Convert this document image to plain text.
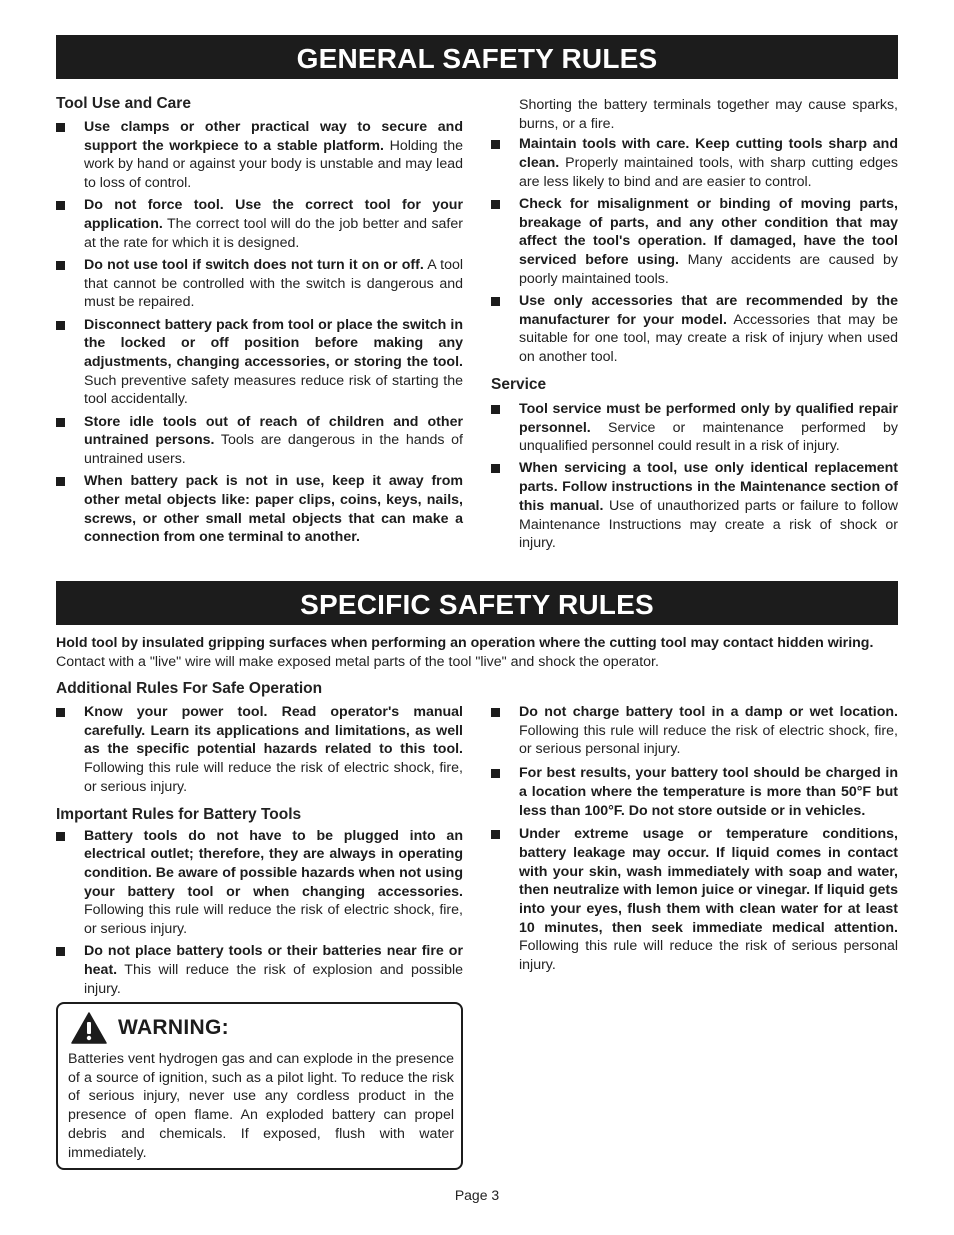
GENERAL SAFETY RULES
Tool Use and Care
Use clamps or other practical way to secure and support the workpiece to a stable platform. Holding the work by hand or against your body is unstable and may lead to loss of control.
Do not force tool. Use the correct tool for your application. The correct tool will do the job better and safer at the rate for which it is designed.
Do not use tool if switch does not turn it on or off. A tool that cannot be controlled with the switch is dangerous and must be repaired.
Disconnect battery pack from tool or place the switch in the locked or off position before making any adjustments, changing accessories, or storing the tool. Such preventive safety measures reduce risk of starting the tool accidentally.
Store idle tools out of reach of children and other untrained persons. Tools are dangerous in the hands of untrained users.
When battery pack is not in use, keep it away from other metal objects like: paper clips, coins, keys, nails, screws, or other small metal objects that can make a connection from one terminal to another.

Shorting the battery terminals together may cause sparks, burns, or a fire.

Maintain tools with care. Keep cutting tools sharp and clean. Properly maintained tools, with sharp cutting edges are less likely to bind and are easier to control.
Check for misalignment or binding of moving parts, breakage of parts, and any other condition that may affect the tool's operation. If damaged, have the tool serviced before using. Many accidents are caused by poorly maintained tools.
Use only accessories that are recommended by the manufacturer for your model. Accessories that may be suitable for one tool, may create a risk of injury when used on another tool.
Service
Tool service must be performed only by qualified repair personnel. Service or maintenance performed by unqualified personnel could result in a risk of injury.
When servicing a tool, use only identical replacement parts. Follow instructions in the Maintenance section of this manual. Use of unauthorized parts or failure to follow Maintenance Instructions may create a risk of shock or injury.
SPECIFIC SAFETY RULES

Hold tool by insulated gripping surfaces when performing an operation where the cutting tool may contact hidden wiring. Contact with a "live" wire will make exposed metal parts of the tool "live" and shock the operator.

Additional Rules For Safe Operation
Know your power tool. Read operator's manual carefully. Learn its applications and limitations, as well as the specific potential hazards related to this tool. Following this rule will reduce the risk of electric shock, fire, or serious injury.
Important Rules for Battery Tools
Battery tools do not have to be plugged into an electrical outlet; therefore, they are always in operating condition. Be aware of possible hazards when not using your battery tool or when changing accessories. Following this rule will reduce the risk of electric shock, fire, or serious injury.
Do not place battery tools or their batteries near fire or heat. This will reduce the risk of explosion and possible injury.
Do not charge battery tool in a damp or wet location. Following this rule will reduce the risk of electric shock, fire, or serious personal injury.
For best results, your battery tool should be charged in a location where the temperature is more than 50°F but less than 100°F. Do not store outside or in vehicles.
Under extreme usage or temperature conditions, battery leakage may occur. If liquid comes in contact with your skin, wash immediately with soap and water, then neutralize with lemon juice or vinegar. If liquid gets into your eyes, flush them with clean water for at least 10 minutes, then seek immediate medical attention. Following this rule will reduce the risk of serious personal injury.
WARNING:

Batteries vent hydrogen gas and can explode in the presence of a source of ignition, such as a pilot light. To reduce the risk of serious injury, never use any cordless product in the presence of open flame. An exploded battery can propel debris and chemicals. If exposed, flush with water immediately.

Page 3
